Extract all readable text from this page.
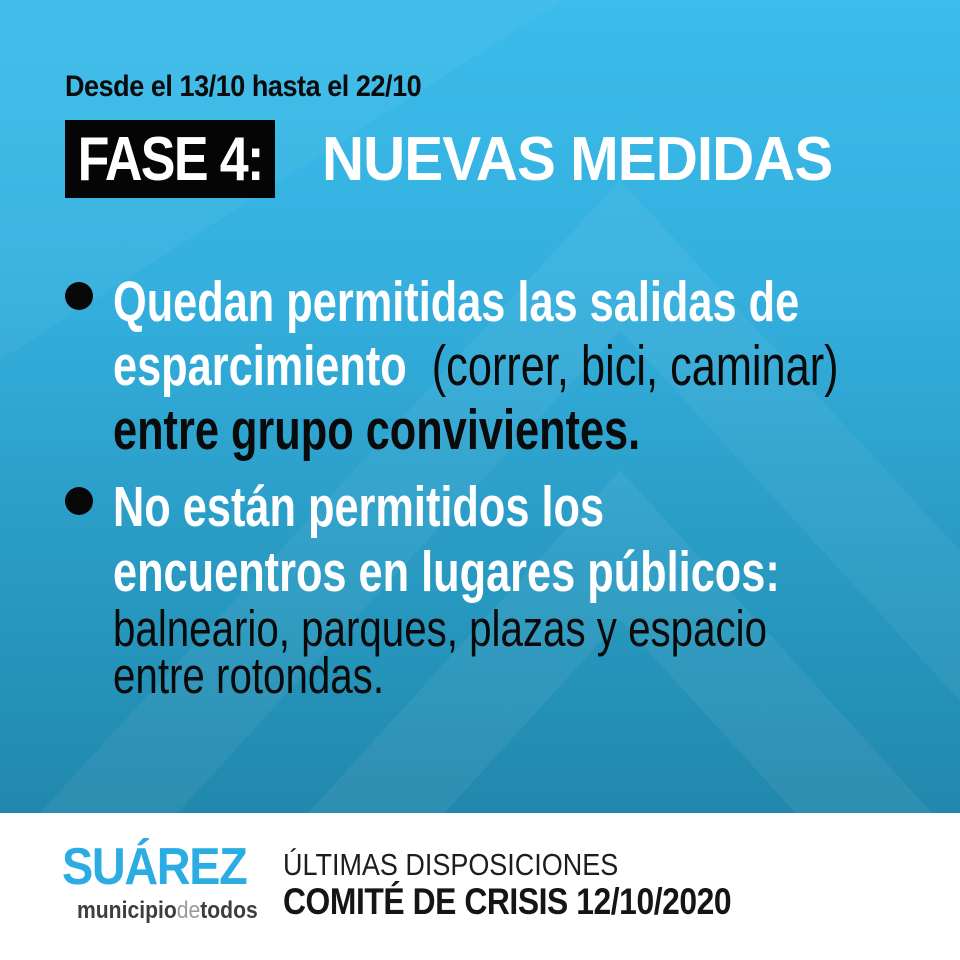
Desde el 13/10 hasta el 22/10
FASE 4: NUEVAS MEDIDAS
Quedan permitidas las salidas de
esparcimiento (correr, bici, caminar)
entre grupo convivientes.
No están permitidos los
encuentros en lugares públicos:
balneario, parques, plazas y espacio
entre rotondas.
SUÁREZ
municipiodetodos
ÚLTIMAS DISPOSICIONES
COMITÉ DE CRISIS 12/10/2020
